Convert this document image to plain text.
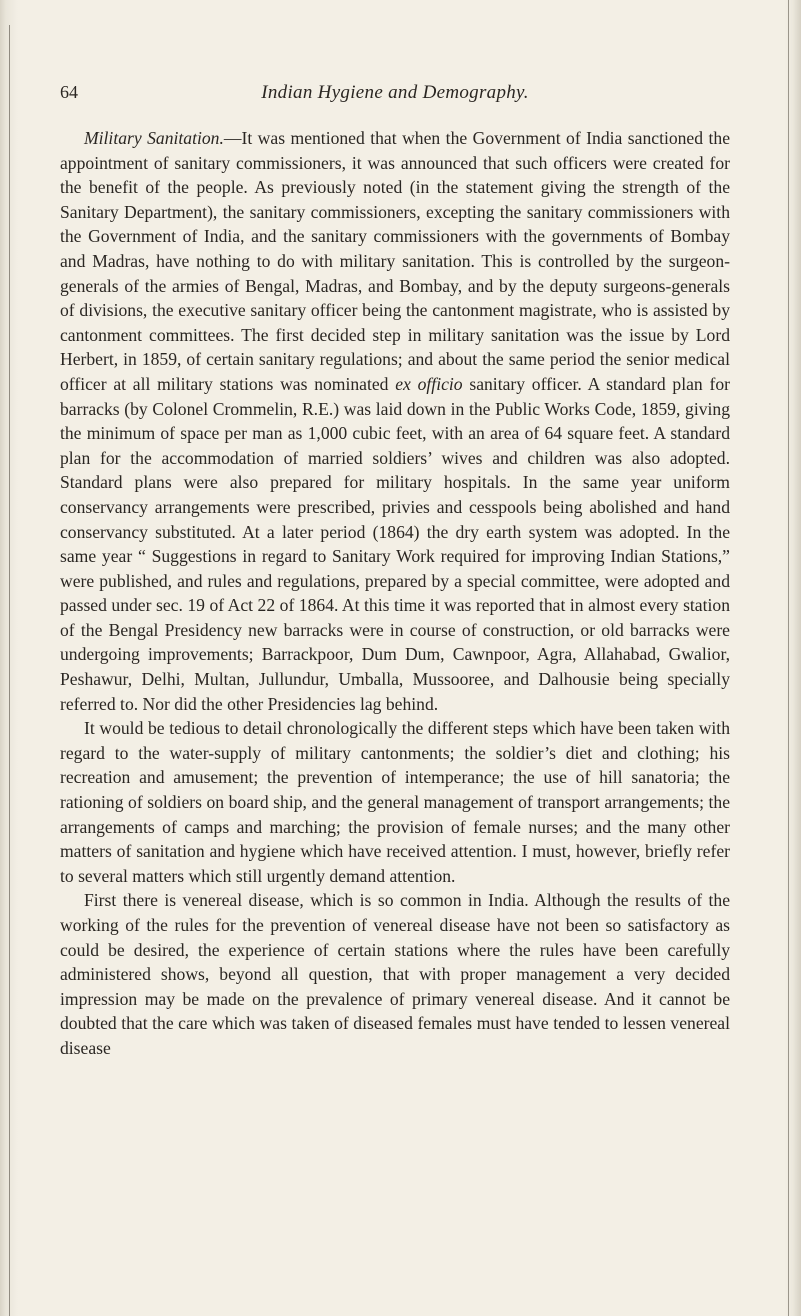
64	Indian Hygiene and Demography.

Military Sanitation.—It was mentioned that when the Government of India sanctioned the appointment of sanitary commissioners, it was announced that such officers were created for the benefit of the people. As previously noted (in the statement giving the strength of the Sanitary Department), the sanitary commissioners, excepting the sanitary commissioners with the Government of India, and the sanitary commissioners with the governments of Bombay and Madras, have nothing to do with military sanitation. This is controlled by the surgeon-generals of the armies of Bengal, Madras, and Bombay, and by the deputy surgeons-generals of divisions, the executive sanitary officer being the cantonment magistrate, who is assisted by cantonment committees. The first decided step in military sanitation was the issue by Lord Herbert, in 1859, of certain sanitary regulations; and about the same period the senior medical officer at all military stations was nominated ex officio sanitary officer. A standard plan for barracks (by Colonel Crommelin, R.E.) was laid down in the Public Works Code, 1859, giving the minimum of space per man as 1,000 cubic feet, with an area of 64 square feet. A standard plan for the accommodation of married soldiers’ wives and children was also adopted. Standard plans were also prepared for military hospitals. In the same year uniform conservancy arrangements were prescribed, privies and cesspools being abolished and hand conservancy substituted. At a later period (1864) the dry earth system was adopted. In the same year “ Suggestions in regard to Sanitary Work required for improving Indian Stations,” were published, and rules and regulations, prepared by a special committee, were adopted and passed under sec. 19 of Act 22 of 1864. At this time it was reported that in almost every station of the Bengal Presidency new barracks were in course of construction, or old barracks were undergoing improvements; Barrackpoor, Dum Dum, Cawnpoor, Agra, Allahabad, Gwalior, Peshawur, Delhi, Multan, Jullundur, Umballa, Mussooree, and Dalhousie being specially referred to. Nor did the other Presidencies lag behind.

It would be tedious to detail chronologically the different steps which have been taken with regard to the water-supply of military cantonments; the soldier’s diet and clothing; his recreation and amusement; the prevention of intemperance; the use of hill sanatoria; the rationing of soldiers on board ship, and the general management of transport arrangements; the arrangements of camps and marching; the provision of female nurses; and the many other matters of sanitation and hygiene which have received attention. I must, however, briefly refer to several matters which still urgently demand attention.

First there is venereal disease, which is so common in India. Although the results of the working of the rules for the prevention of venereal disease have not been so satisfactory as could be desired, the experience of certain stations where the rules have been carefully administered shows, beyond all question, that with proper management a very decided impression may be made on the prevalence of primary venereal disease. And it cannot be doubted that the care which was taken of diseased females must have tended to lessen venereal disease
